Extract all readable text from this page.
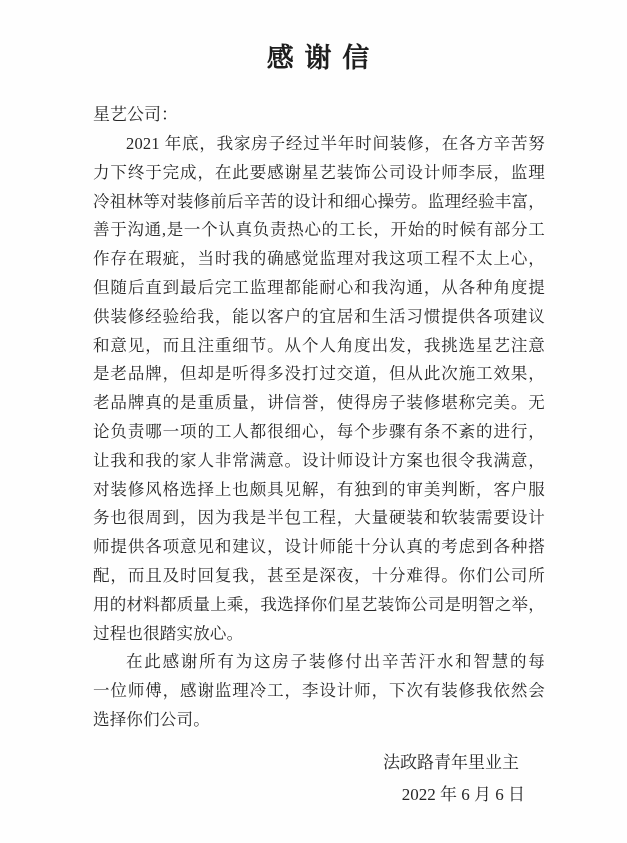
感 谢 信
星艺公司：
2021 年底，我家房子经过半年时间装修，在各方辛苦努
力下终于完成，在此要感谢星艺装饰公司设计师李辰，监理
冷祖林等对装修前后辛苦的设计和细心操劳。监理经验丰富，
善于沟通,是一个认真负责热心的工长，开始的时候有部分工
作存在瑕疵，当时我的确感觉监理对我这项工程不太上心，
但随后直到最后完工监理都能耐心和我沟通，从各种角度提
供装修经验给我，能以客户的宜居和生活习惯提供各项建议
和意见，而且注重细节。从个人角度出发，我挑选星艺注意
是老品牌，但却是听得多没打过交道，但从此次施工效果，
老品牌真的是重质量，讲信誉，使得房子装修堪称完美。无
论负责哪一项的工人都很细心，每个步骤有条不紊的进行，
让我和我的家人非常满意。设计师设计方案也很令我满意，
对装修风格选择上也颇具见解，有独到的审美判断，客户服
务也很周到，因为我是半包工程，大量硬装和软装需要设计
师提供各项意见和建议，设计师能十分认真的考虑到各种搭
配，而且及时回复我，甚至是深夜，十分难得。你们公司所
用的材料都质量上乘，我选择你们星艺装饰公司是明智之举，
过程也很踏实放心。
在此感谢所有为这房子装修付出辛苦汗水和智慧的每
一位师傅，感谢监理冷工，李设计师，下次有装修我依然会
选择你们公司。
法政路青年里业主
2022 年 6 月 6 日
